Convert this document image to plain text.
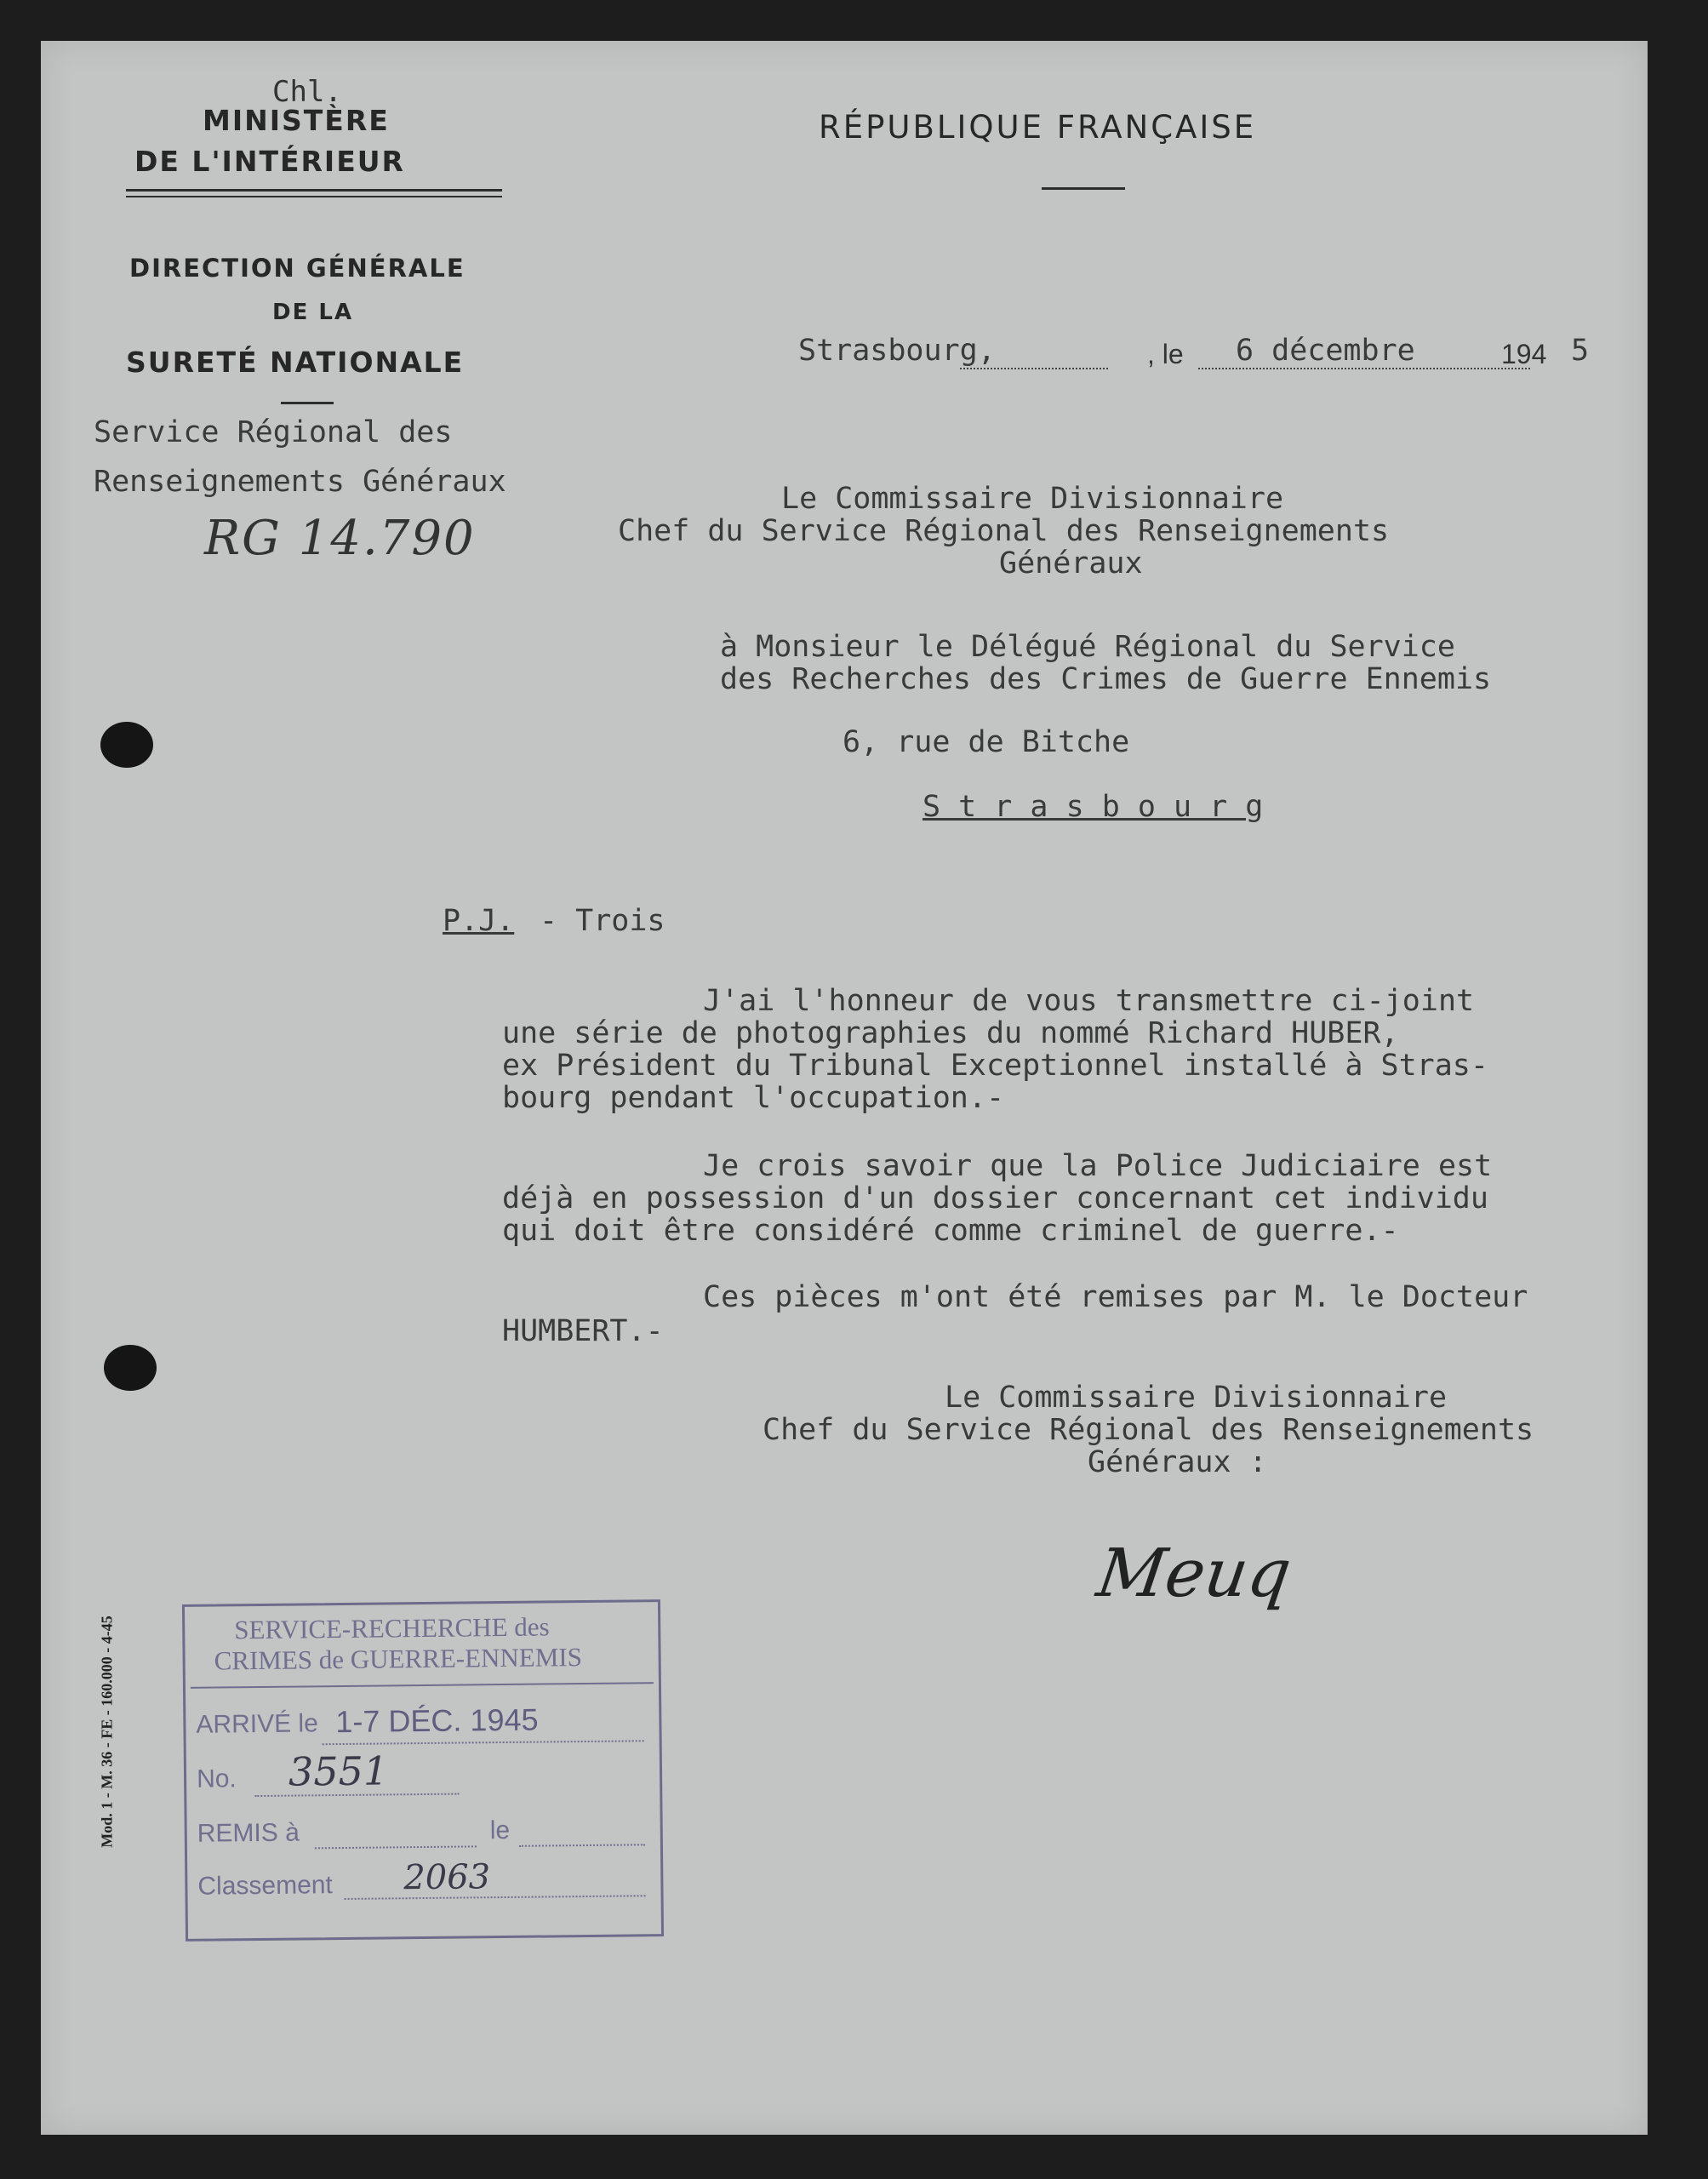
Chl.
MINISTÈRE
DE L'INTÉRIEUR
DIRECTION GÉNÉRALE
DE LA
SURETÉ NATIONALE
Service Régional des
Renseignements Généraux
RG 14.790
RÉPUBLIQUE FRANÇAISE
Strasbourg,	, le 6 décembre	194 5
Le Commissaire Divisionnaire
Chef du Service Régional des Renseignements
Généraux
à Monsieur le Délégué Régional du Service
des Recherches des Crimes de Guerre Ennemis
6, rue de Bitche
S t r a s b o u r g
P.J. - Trois
J'ai l'honneur de vous transmettre ci-joint
une série de photographies du nommé Richard HUBER,
ex Président du Tribunal Exceptionnel installé à Stras-
bourg pendant l'occupation.-
Je crois savoir que la Police Judiciaire est
déjà en possession d'un dossier concernant cet individu
qui doit être considéré comme criminel de guerre.-
Ces pièces m'ont été remises par M. le Docteur
HUMBERT.-
Le Commissaire Divisionnaire
Chef du Service Régional des Renseignements
Généraux :
Meuq
Mod. 1 - M. 36 - FE - 160.000 - 4-45	SERVICE-RECHERCHE des
CRIMES de GUERRE-ENNEMIS
ARRIVÉ le 1-7 DÉC. 1945
No. 3551
REMIS à	le
Classement 2063
